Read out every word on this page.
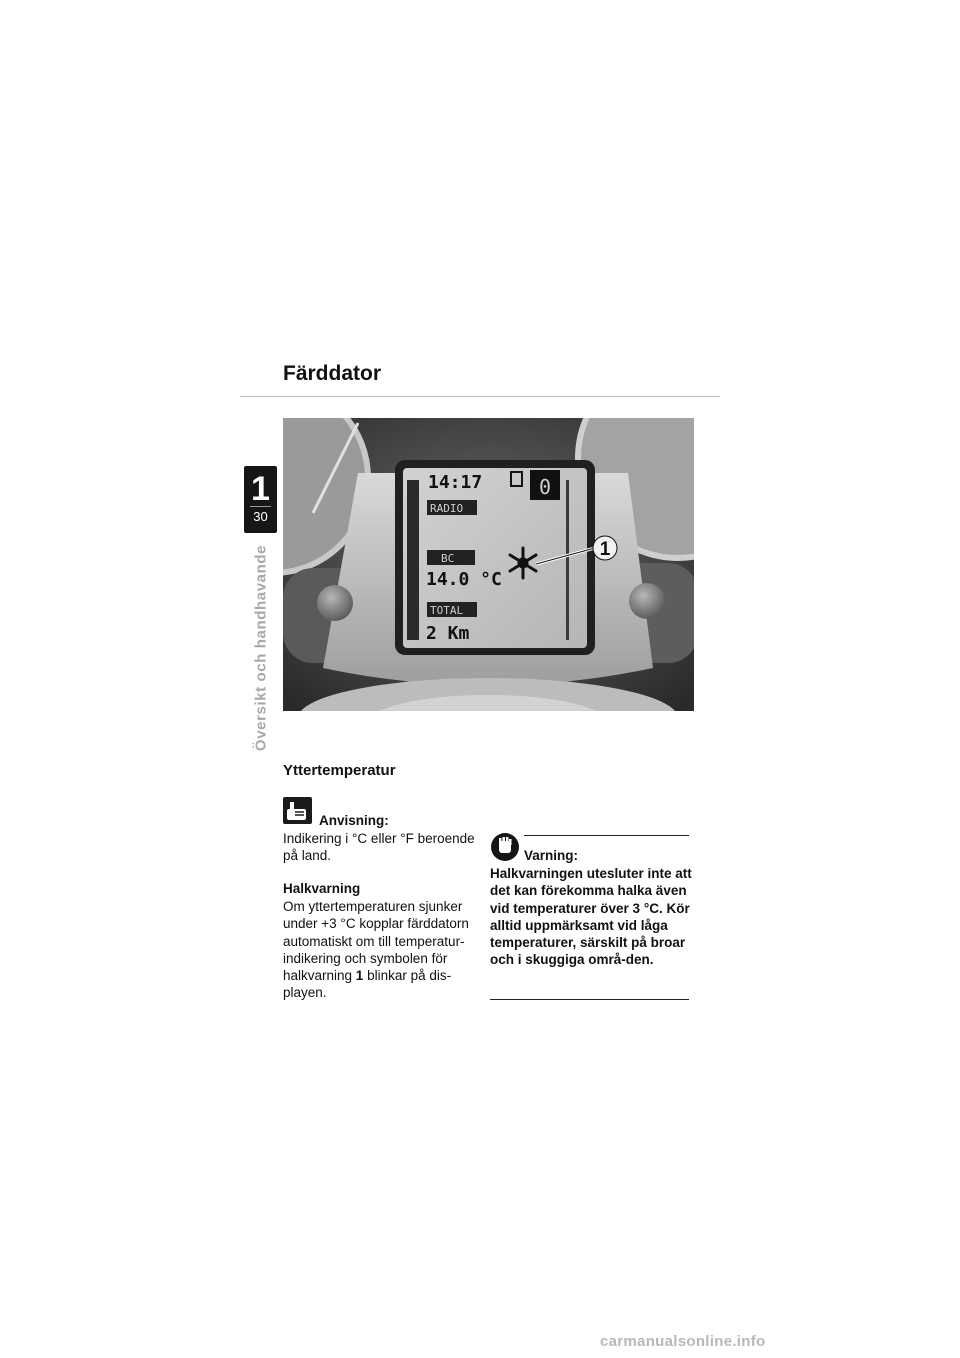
Färddator
1
30
Översikt och handhavande
14:17	0
RADIO
BC
14.0 °C
TOTAL
2 Km
1
Yttertemperatur
Anvisning:
Indikering i °C eller °F beroende på land.
Halkvarning
Om yttertemperaturen sjunker under +3 °C kopplar färddatorn automatiskt om till temperatur-indikering och symbolen för halkvarning 1 blinkar på dis-playen.
Varning:
Halkvarningen utesluter inte att det kan förekomma halka även vid temperaturer över 3 °C. Kör alltid uppmärksamt vid låga temperaturer, särskilt på broar och i skuggiga områ-den.
carmanualsonline.info
